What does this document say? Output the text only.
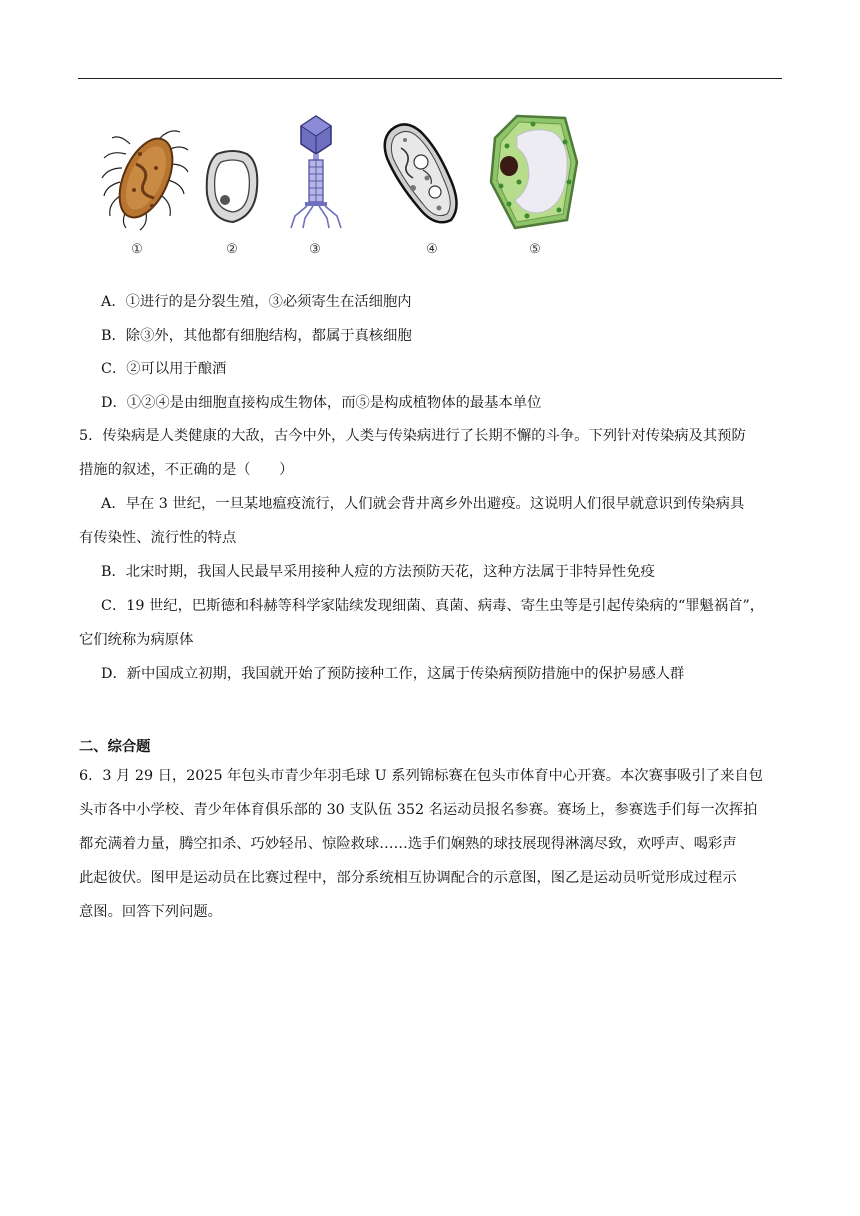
①	②	③	④	⑤
A．①进行的是分裂生殖，③必须寄生在活细胞内
B．除③外，其他都有细胞结构，都属于真核细胞
C．②可以用于酿酒
D．①②④是由细胞直接构成生物体，而⑤是构成植物体的最基本单位
5．传染病是人类健康的大敌，古今中外，人类与传染病进行了长期不懈的斗争。下列针对传染病及其预防
措施的叙述，不正确的是（　　）
A．早在 3 世纪，一旦某地瘟疫流行，人们就会背井离乡外出避疫。这说明人们很早就意识到传染病具
有传染性、流行性的特点
B．北宋时期，我国人民最早采用接种人痘的方法预防天花，这种方法属于非特异性免疫
C．19 世纪，巴斯德和科赫等科学家陆续发现细菌、真菌、病毒、寄生虫等是引起传染病的“罪魁祸首”，
它们统称为病原体
D．新中国成立初期，我国就开始了预防接种工作，这属于传染病预防措施中的保护易感人群
二、综合题
6．3 月 29 日，2025 年包头市青少年羽毛球 U 系列锦标赛在包头市体育中心开赛。本次赛事吸引了来自包
头市各中小学校、青少年体育俱乐部的 30 支队伍 352 名运动员报名参赛。赛场上，参赛选手们每一次挥拍
都充满着力量，腾空扣杀、巧妙轻吊、惊险救球……选手们娴熟的球技展现得淋漓尽致，欢呼声、喝彩声
此起彼伏。图甲是运动员在比赛过程中，部分系统相互协调配合的示意图，图乙是运动员听觉形成过程示
意图。回答下列问题。
